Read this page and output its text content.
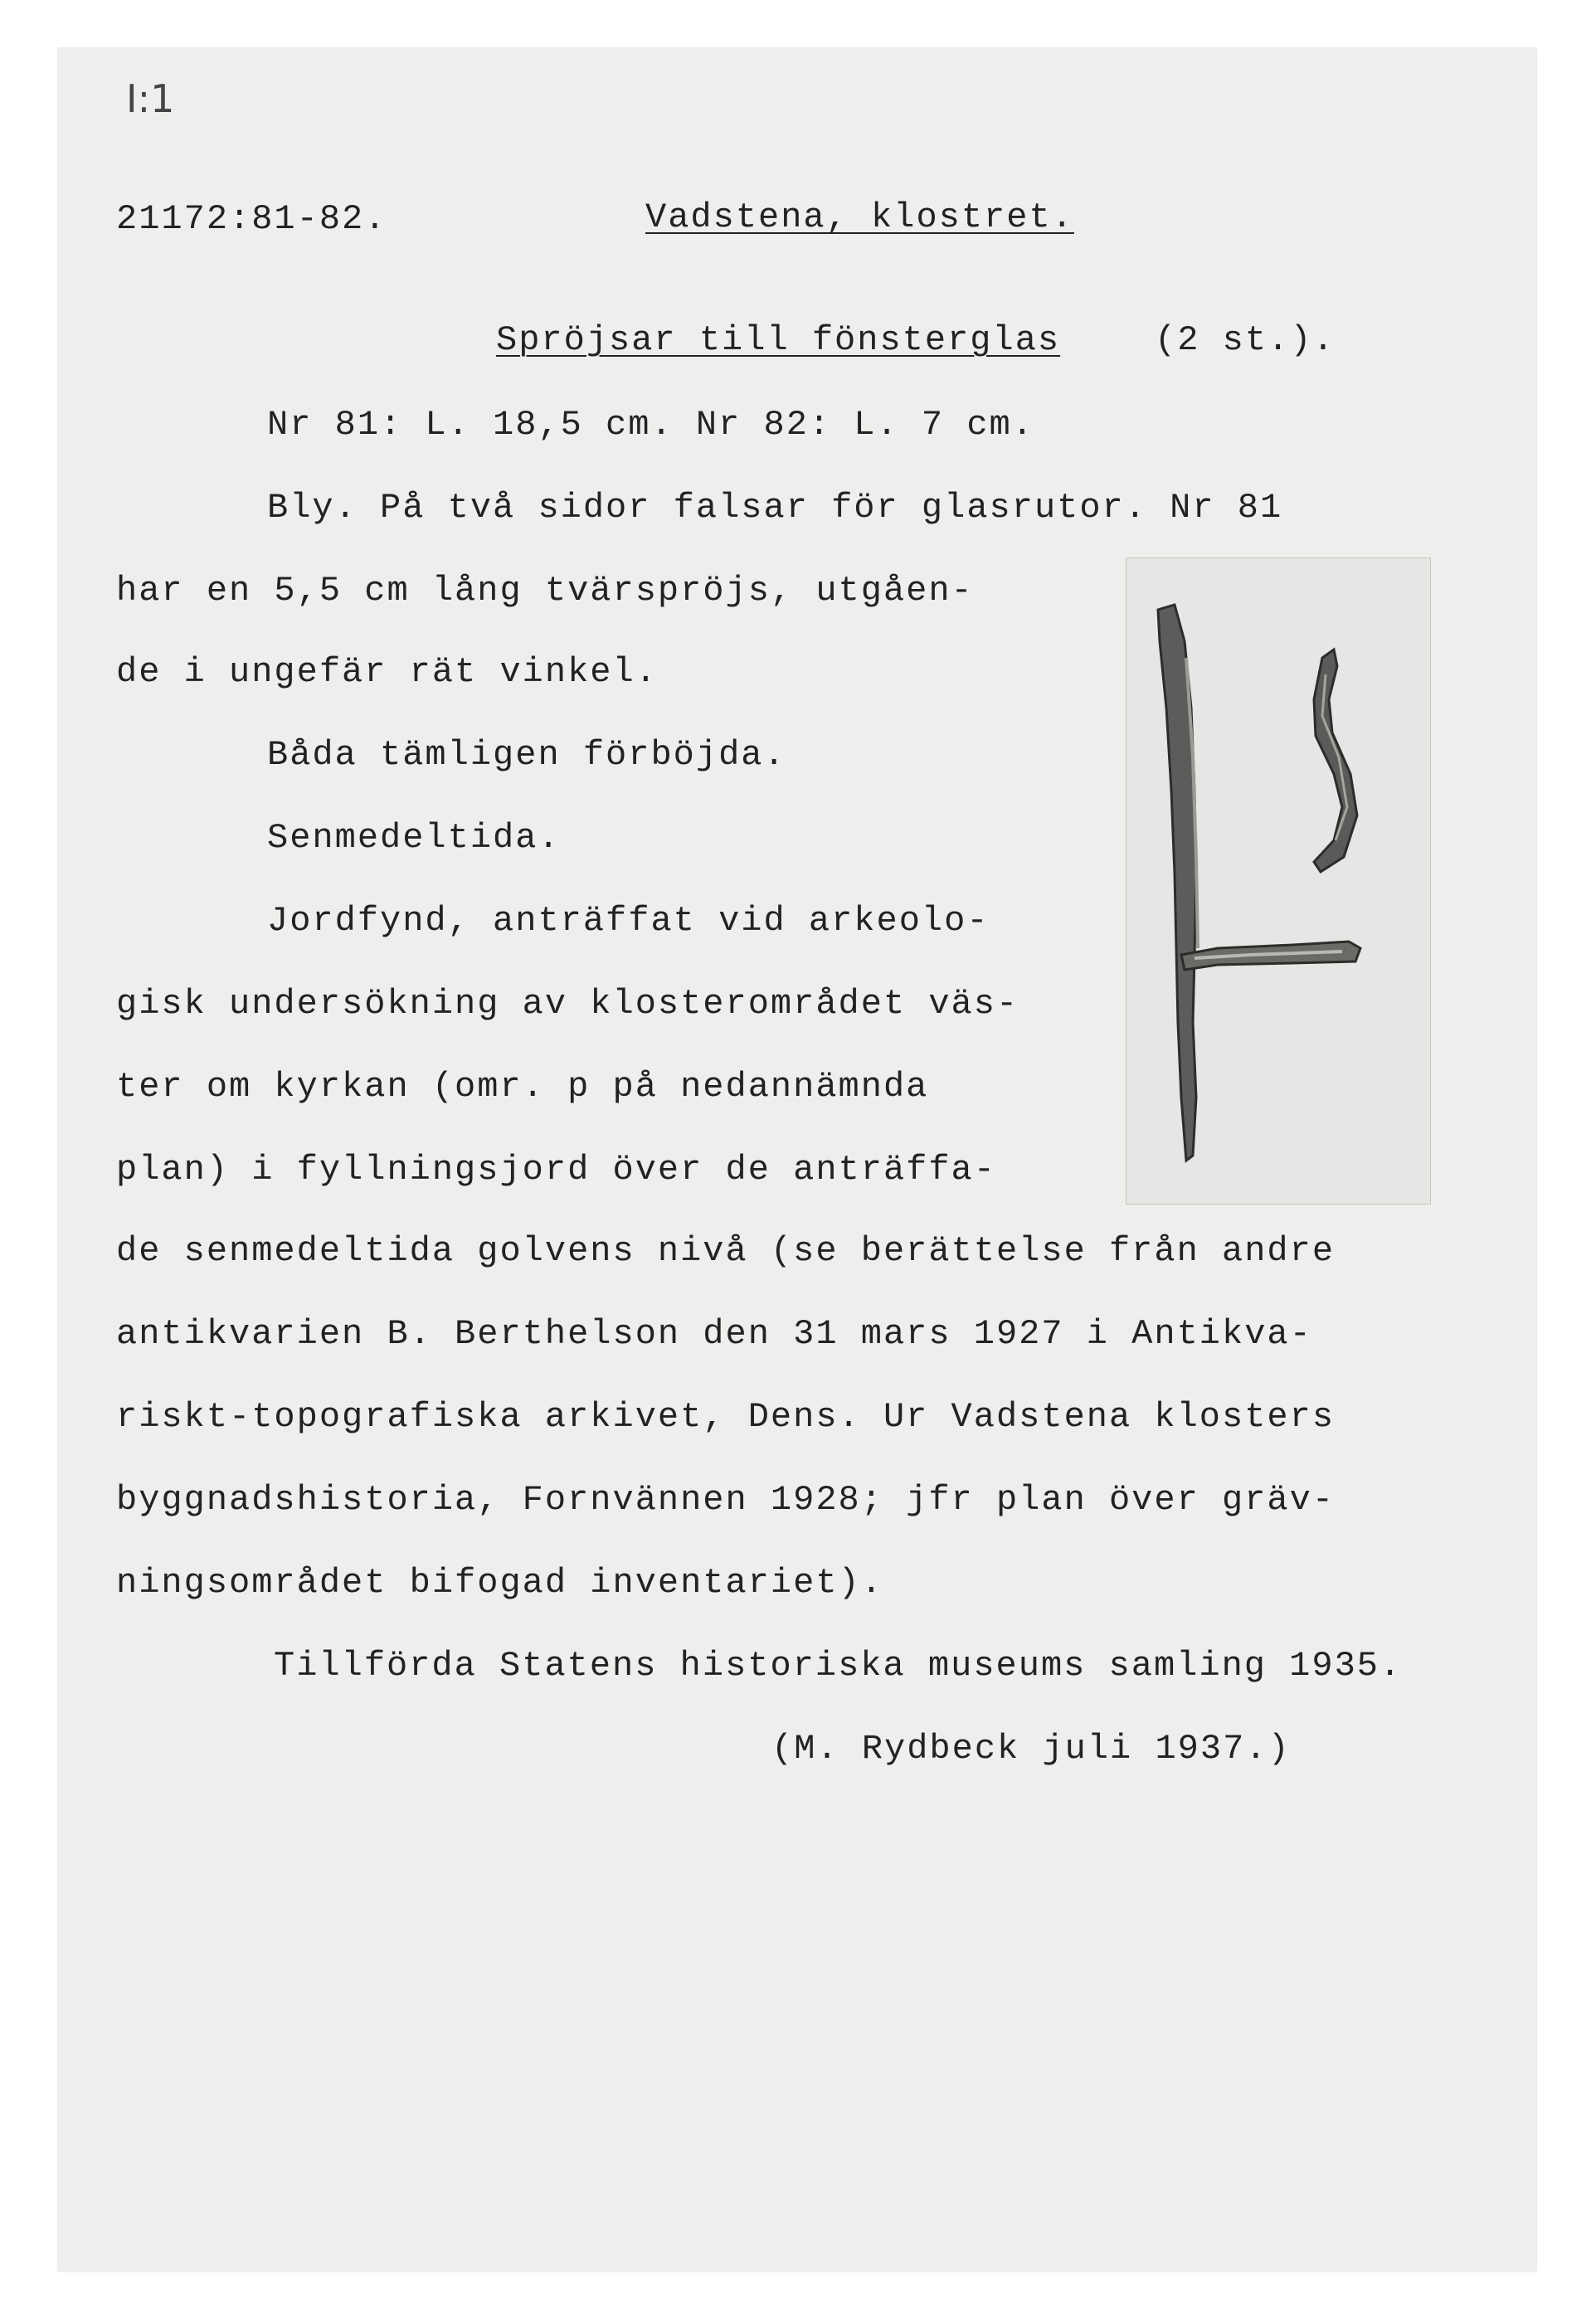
I:1
21172:81-82.	Vadstena, klostret.
Spröjsar till fönsterglas	(2 st.).
Nr 81: L. 18,5 cm. Nr 82: L. 7 cm.
Bly. På två sidor falsar för glasrutor. Nr 81
har en 5,5 cm lång tvärspröjs, utgåen-
de i ungefär rät vinkel.
Båda tämligen förböjda.
Senmedeltida.
Jordfynd, anträffat vid arkeolo-
gisk undersökning av klosterområdet väs-
ter om kyrkan (omr. p på nedannämnda
plan) i fyllningsjord över de anträffa-
de senmedeltida golvens nivå (se berättelse från andre
antikvarien B. Berthelson den 31 mars 1927 i Antikva-
riskt-topografiska arkivet, Dens. Ur Vadstena klosters
byggnadshistoria, Fornvännen 1928; jfr plan över gräv-
ningsområdet bifogad inventariet).
Tillförda Statens historiska museums samling 1935.
(M. Rydbeck juli 1937.)
